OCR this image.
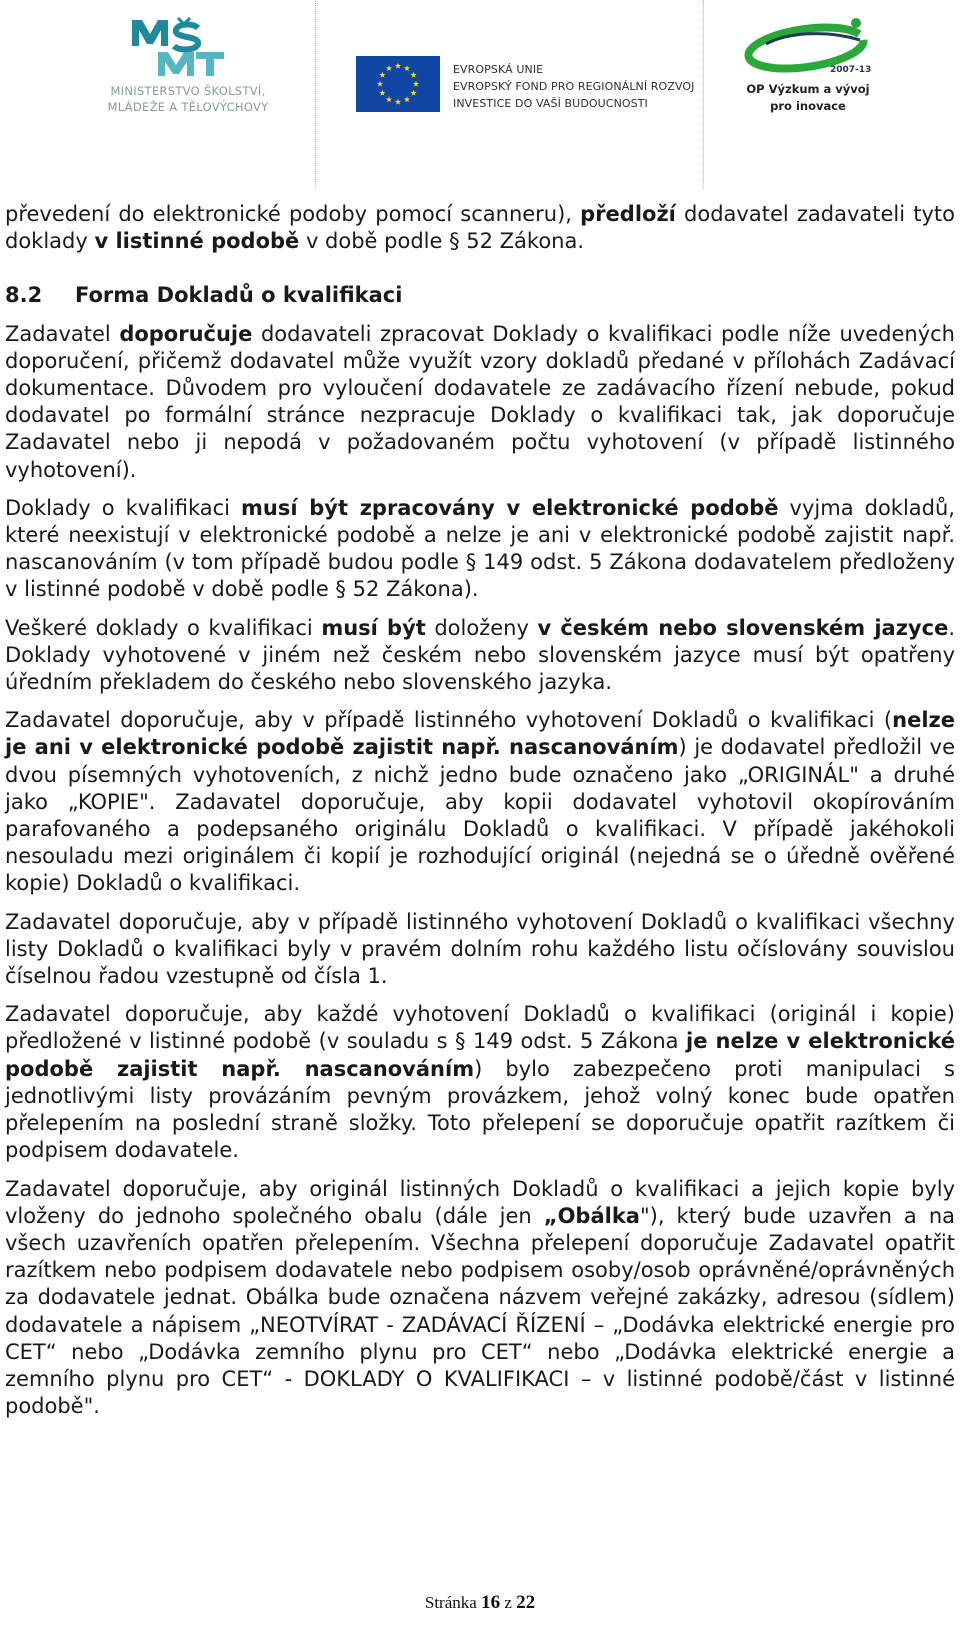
MINISTERSTVO ŠKOLSTVÍ,
MLÁDEŽE A TĚLOVÝCHOVY
EVROPSKÁ UNIE
EVROPSKÝ FOND PRO REGIONÁLNÍ ROZVOJ
INVESTICE DO VAŠÍ BUDOUCNOSTI
2007-13
OP Výzkum a vývoj
pro inovace

převedení do elektronické podoby pomocí scanneru), předloží dodavatel zadavateli tyto doklady v listinné podobě v době podle § 52 Zákona.

8.2 Forma Dokladů o kvalifikaci

Zadavatel doporučuje dodavateli zpracovat Doklady o kvalifikaci podle níže uvedených doporučení, přičemž dodavatel může využít vzory dokladů předané v přílohách Zadávací dokumentace. Důvodem pro vyloučení dodavatele ze zadávacího řízení nebude, pokud dodavatel po formální stránce nezpracuje Doklady o kvalifikaci tak, jak doporučuje Zadavatel nebo ji nepodá v požadovaném počtu vyhotovení (v případě listinného vyhotovení).

Doklady o kvalifikaci musí být zpracovány v elektronické podobě vyjma dokladů, které neexistují v elektronické podobě a nelze je ani v elektronické podobě zajistit např. nascanováním (v tom případě budou podle § 149 odst. 5 Zákona dodavatelem předloženy v listinné podobě v době podle § 52 Zákona).

Veškeré doklady o kvalifikaci musí být doloženy v českém nebo slovenském jazyce. Doklady vyhotovené v jiném než českém nebo slovenském jazyce musí být opatřeny úředním překladem do českého nebo slovenského jazyka.

Zadavatel doporučuje, aby v případě listinného vyhotovení Dokladů o kvalifikaci (nelze je ani v elektronické podobě zajistit např. nascanováním) je dodavatel předložil ve dvou písemných vyhotoveních, z nichž jedno bude označeno jako „ORIGINÁL" a druhé jako „KOPIE". Zadavatel doporučuje, aby kopii dodavatel vyhotovil okopírováním parafovaného a podepsaného originálu Dokladů o kvalifikaci. V případě jakéhokoli nesouladu mezi originálem či kopií je rozhodující originál (nejedná se o úředně ověřené kopie) Dokladů o kvalifikaci.

Zadavatel doporučuje, aby v případě listinného vyhotovení Dokladů o kvalifikaci všechny listy Dokladů o kvalifikaci byly v pravém dolním rohu každého listu očíslovány souvislou číselnou řadou vzestupně od čísla 1.

Zadavatel doporučuje, aby každé vyhotovení Dokladů o kvalifikaci (originál i kopie) předložené v listinné podobě (v souladu s § 149 odst. 5 Zákona je nelze v elektronické podobě zajistit např. nascanováním) bylo zabezpečeno proti manipulaci s jednotlivými listy provázáním pevným provázkem, jehož volný konec bude opatřen přelepením na poslední straně složky. Toto přelepení se doporučuje opatřit razítkem či podpisem dodavatele.

Zadavatel doporučuje, aby originál listinných Dokladů o kvalifikaci a jejich kopie byly vloženy do jednoho společného obalu (dále jen „Obálka"), který bude uzavřen a na všech uzavřeních opatřen přelepením. Všechna přelepení doporučuje Zadavatel opatřit razítkem nebo podpisem dodavatele nebo podpisem osoby/osob oprávněné/oprávněných za dodavatele jednat. Obálka bude označena názvem veřejné zakázky, adresou (sídlem) dodavatele a nápisem „NEOTVÍRAT - ZADÁVACÍ ŘÍZENÍ – „Dodávka elektrické energie pro CET“ nebo „Dodávka zemního plynu pro CET“ nebo „Dodávka elektrické energie a zemního plynu pro CET“ - DOKLADY O KVALIFIKACI – v listinné podobě/část v listinné podobě".

Stránka 16 z 22
